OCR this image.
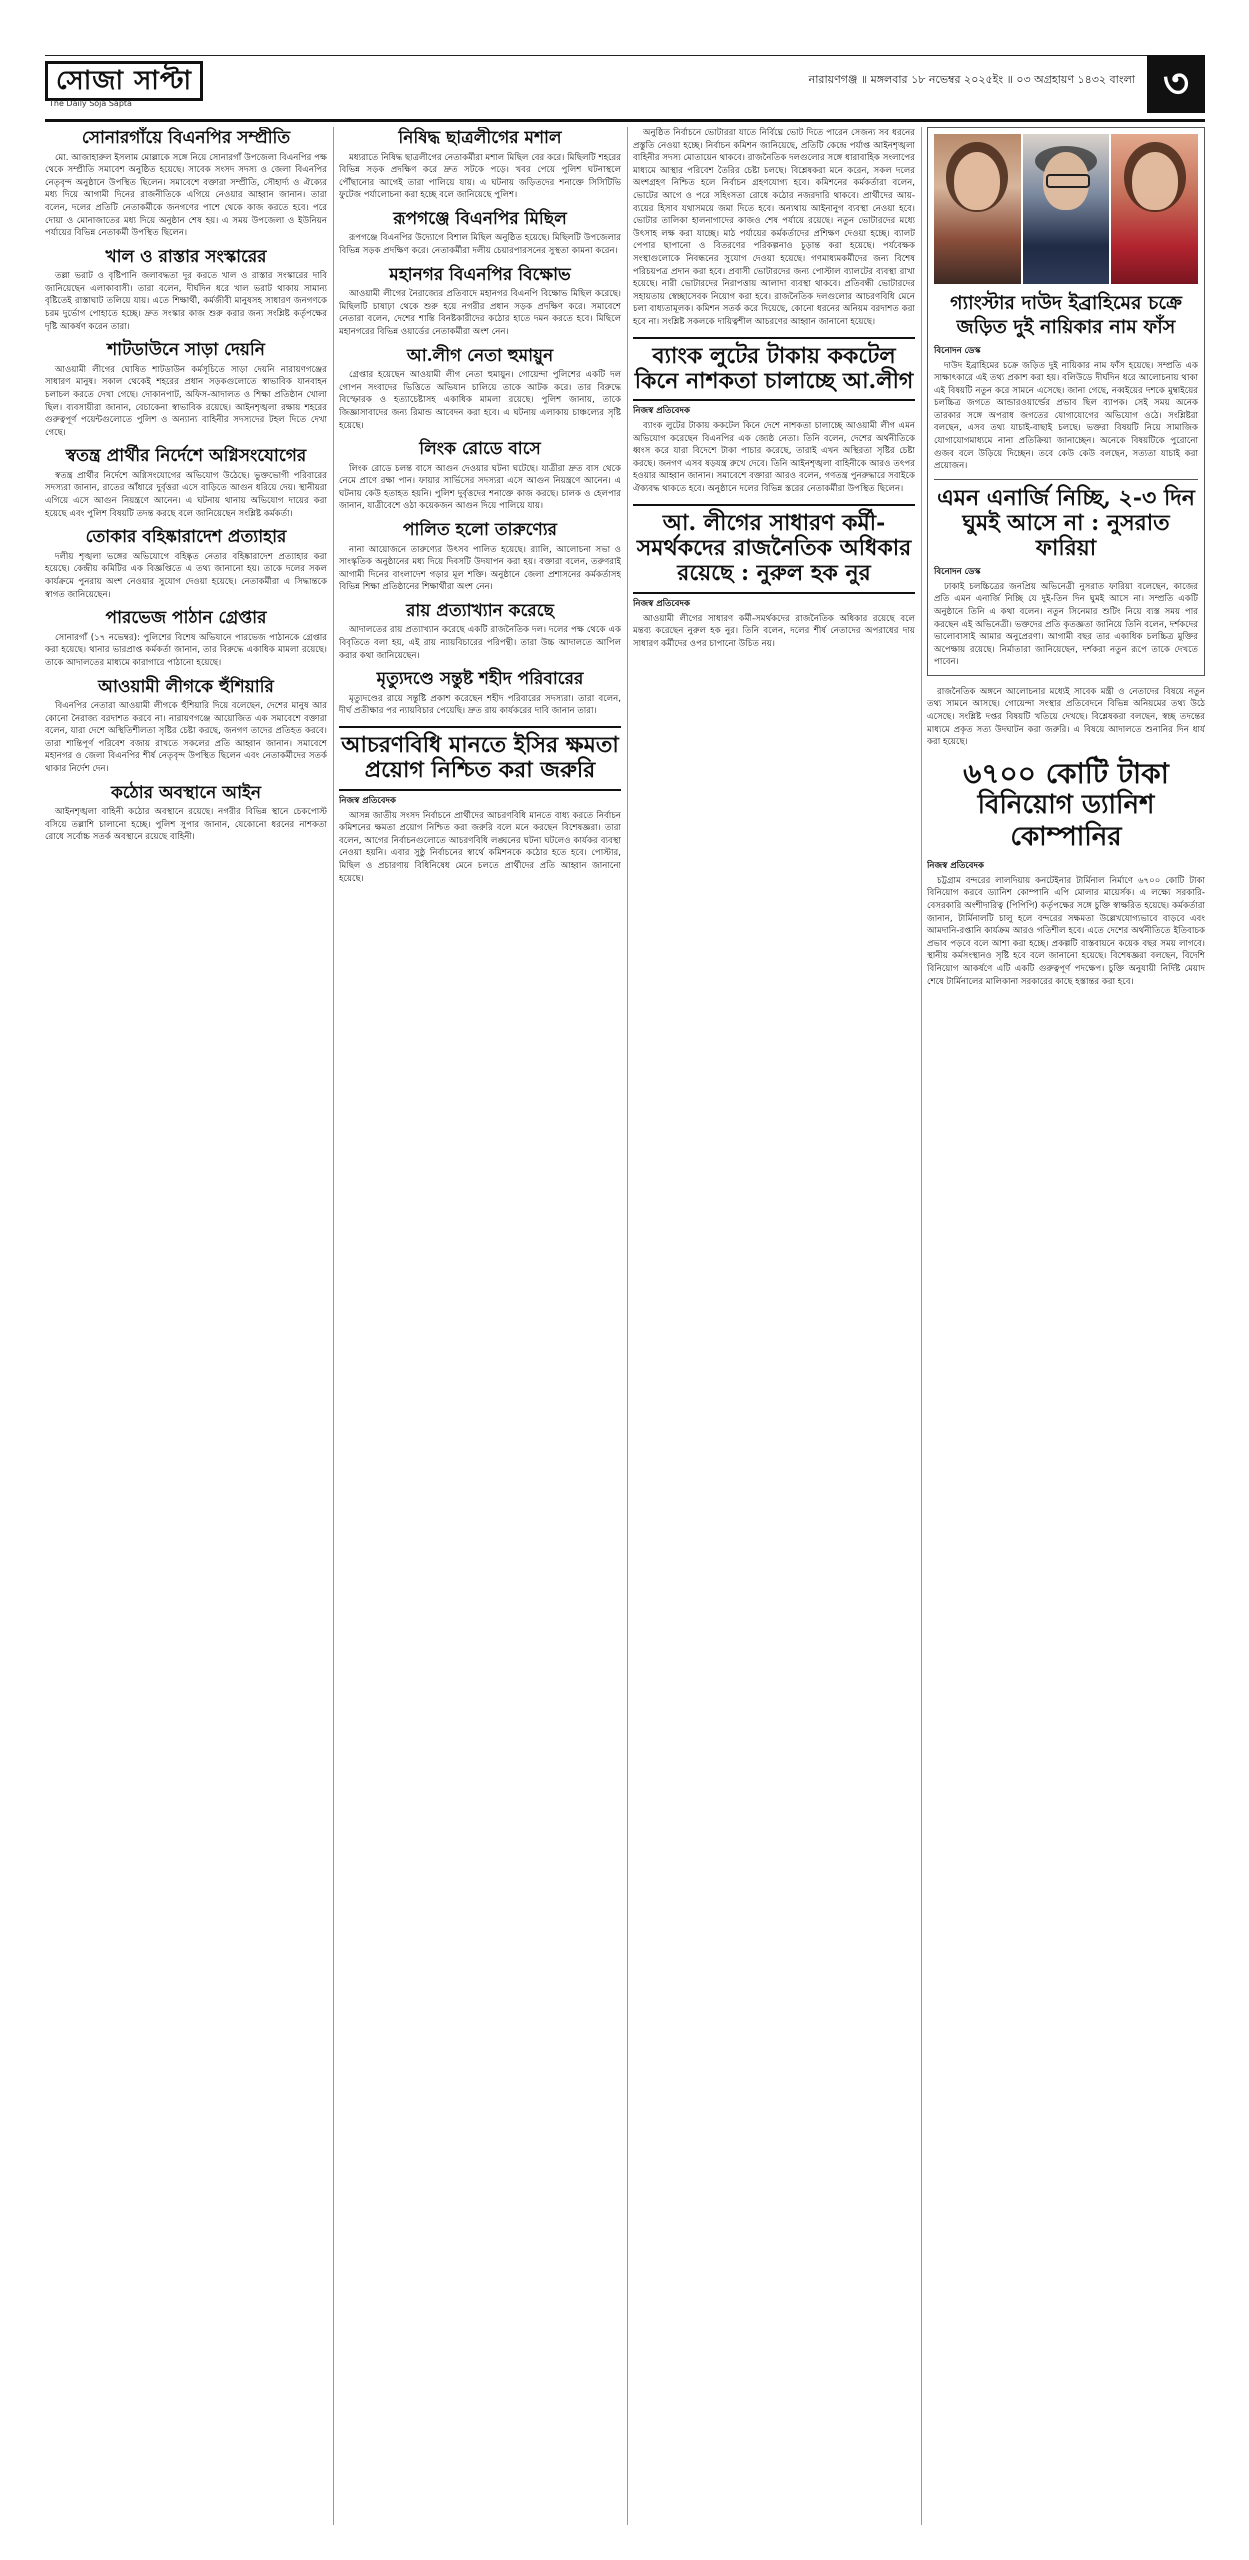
সোজা সাপ্টা
The Daily Soja Sapta
নারায়ণগঞ্জ ॥ মঙ্গলবার ১৮ নভেম্বর ২০২৫ইং ॥ ০৩ অগ্রহায়ণ ১৪৩২ বাংলা ৩
সোনারগাঁয়ে বিএনপির সম্প্রীতি

মো. আজাহারুল ইসলাম মোল্লাকে সঙ্গে নিয়ে সোনারগাঁ উপজেলা বিএনপির পক্ষ থেকে সম্প্রীতি সমাবেশ অনুষ্ঠিত হয়েছে। সাবেক সংসদ সদস্য ও জেলা বিএনপির নেতৃবৃন্দ অনুষ্ঠানে উপস্থিত ছিলেন। সমাবেশে বক্তারা সম্প্রীতি, সৌহার্দ্য ও ঐক্যের মধ্য দিয়ে আগামী দিনের রাজনীতিকে এগিয়ে নেওয়ার আহ্বান জানান। তারা বলেন, দলের প্রতিটি নেতাকর্মীকে জনগণের পাশে থেকে কাজ করতে হবে। পরে দোয়া ও মোনাজাতের মধ্য দিয়ে অনুষ্ঠান শেষ হয়। এ সময় উপজেলা ও ইউনিয়ন পর্যায়ের বিভিন্ন নেতাকর্মী উপস্থিত ছিলেন।

খাল ও রাস্তার সংস্কারের

তল্লা ভরাট ও বৃষ্টিপানি জলাবদ্ধতা দূর করতে খাল ও রাস্তার সংস্কারের দাবি জানিয়েছেন এলাকাবাসী। তারা বলেন, দীর্ঘদিন ধরে খাল ভরাট থাকায় সামান্য বৃষ্টিতেই রাস্তাঘাট তলিয়ে যায়। এতে শিক্ষার্থী, কর্মজীবী মানুষসহ সাধারণ জনগণকে চরম দুর্ভোগ পোহাতে হচ্ছে। দ্রুত সংস্কার কাজ শুরু করার জন্য সংশ্লিষ্ট কর্তৃপক্ষের দৃষ্টি আকর্ষণ করেন তারা।

শাটডাউনে সাড়া দেয়নি

আওয়ামী লীগের ঘোষিত শাটডাউন কর্মসূচিতে সাড়া দেয়নি নারায়ণগঞ্জের সাধারণ মানুষ। সকাল থেকেই শহরের প্রধান সড়কগুলোতে স্বাভাবিক যানবাহন চলাচল করতে দেখা গেছে। দোকানপাট, অফিস-আদালত ও শিক্ষা প্রতিষ্ঠান খোলা ছিল। ব্যবসায়ীরা জানান, বেচাকেনা স্বাভাবিক রয়েছে। আইনশৃঙ্খলা রক্ষায় শহরের গুরুত্বপূর্ণ পয়েন্টগুলোতে পুলিশ ও অন্যান্য বাহিনীর সদস্যদের টহল দিতে দেখা গেছে।

স্বতন্ত্র প্রার্থীর নির্দেশে অগ্নিসংযোগের

স্বতন্ত্র প্রার্থীর নির্দেশে অগ্নিসংযোগের অভিযোগ উঠেছে। ভুক্তভোগী পরিবারের সদস্যরা জানান, রাতের আঁধারে দুর্বৃত্তরা এসে বাড়িতে আগুন ধরিয়ে দেয়। স্থানীয়রা এগিয়ে এসে আগুন নিয়ন্ত্রণে আনেন। এ ঘটনায় থানায় অভিযোগ দায়ের করা হয়েছে এবং পুলিশ বিষয়টি তদন্ত করছে বলে জানিয়েছেন সংশ্লিষ্ট কর্মকর্তা।

তোকার বহিষ্কারাদেশ প্রত্যাহার

দলীয় শৃঙ্খলা ভঙ্গের অভিযোগে বহিষ্কৃত নেতার বহিষ্কারাদেশ প্রত্যাহার করা হয়েছে। কেন্দ্রীয় কমিটির এক বিজ্ঞপ্তিতে এ তথ্য জানানো হয়। তাকে দলের সকল কার্যক্রমে পুনরায় অংশ নেওয়ার সুযোগ দেওয়া হয়েছে। নেতাকর্মীরা এ সিদ্ধান্তকে স্বাগত জানিয়েছেন।

পারভেজ পাঠান গ্রেপ্তার

সোনারগাঁ (১৭ নভেম্বর): পুলিশের বিশেষ অভিযানে পারভেজ পাঠানকে গ্রেপ্তার করা হয়েছে। থানার ভারপ্রাপ্ত কর্মকর্তা জানান, তার বিরুদ্ধে একাধিক মামলা রয়েছে। তাকে আদালতের মাধ্যমে কারাগারে পাঠানো হয়েছে।

আওয়ামী লীগকে হুঁশিয়ারি

বিএনপির নেতারা আওয়ামী লীগকে হুঁশিয়ারি দিয়ে বলেছেন, দেশের মানুষ আর কোনো নৈরাজ্য বরদাশত করবে না। নারায়ণগঞ্জে আয়োজিত এক সমাবেশে বক্তারা বলেন, যারা দেশে অস্থিতিশীলতা সৃষ্টির চেষ্টা করছে, জনগণ তাদের প্রতিহত করবে। তারা শান্তিপূর্ণ পরিবেশ বজায় রাখতে সকলের প্রতি আহ্বান জানান। সমাবেশে মহানগর ও জেলা বিএনপির শীর্ষ নেতৃবৃন্দ উপস্থিত ছিলেন এবং নেতাকর্মীদের সতর্ক থাকার নির্দেশ দেন।

কঠোর অবস্থানে আইন

আইনশৃঙ্খলা বাহিনী কঠোর অবস্থানে রয়েছে। নগরীর বিভিন্ন স্থানে চেকপোস্ট বসিয়ে তল্লাশি চালানো হচ্ছে। পুলিশ সুপার জানান, যেকোনো ধরনের নাশকতা রোধে সর্বোচ্চ সতর্ক অবস্থানে রয়েছে বাহিনী।

নিষিদ্ধ ছাত্রলীগের মশাল

মধ্যরাতে নিষিদ্ধ ছাত্রলীগের নেতাকর্মীরা মশাল মিছিল বের করে। মিছিলটি শহরের বিভিন্ন সড়ক প্রদক্ষিণ করে দ্রুত সটকে পড়ে। খবর পেয়ে পুলিশ ঘটনাস্থলে পৌঁছানোর আগেই তারা পালিয়ে যায়। এ ঘটনায় জড়িতদের শনাক্তে সিসিটিভি ফুটেজ পর্যালোচনা করা হচ্ছে বলে জানিয়েছে পুলিশ।

রূপগঞ্জে বিএনপির মিছিল

রূপগঞ্জে বিএনপির উদ্যোগে বিশাল মিছিল অনুষ্ঠিত হয়েছে। মিছিলটি উপজেলার বিভিন্ন সড়ক প্রদক্ষিণ করে। নেতাকর্মীরা দলীয় চেয়ারপারসনের সুস্থতা কামনা করেন।

মহানগর বিএনপির বিক্ষোভ

আওয়ামী লীগের নৈরাজ্যের প্রতিবাদে মহানগর বিএনপি বিক্ষোভ মিছিল করেছে। মিছিলটি চাষাঢ়া থেকে শুরু হয়ে নগরীর প্রধান সড়ক প্রদক্ষিণ করে। সমাবেশে নেতারা বলেন, দেশের শান্তি বিনষ্টকারীদের কঠোর হাতে দমন করতে হবে। মিছিলে মহানগরের বিভিন্ন ওয়ার্ডের নেতাকর্মীরা অংশ নেন।

আ.লীগ নেতা হুমায়ুন

গ্রেপ্তার হয়েছেন আওয়ামী লীগ নেতা হুমায়ুন। গোয়েন্দা পুলিশের একটি দল গোপন সংবাদের ভিত্তিতে অভিযান চালিয়ে তাকে আটক করে। তার বিরুদ্ধে বিস্ফোরক ও হত্যাচেষ্টাসহ একাধিক মামলা রয়েছে। পুলিশ জানায়, তাকে জিজ্ঞাসাবাদের জন্য রিমান্ড আবেদন করা হবে। এ ঘটনায় এলাকায় চাঞ্চল্যের সৃষ্টি হয়েছে।

লিংক রোডে বাসে

লিংক রোডে চলন্ত বাসে আগুন দেওয়ার ঘটনা ঘটেছে। যাত্রীরা দ্রুত বাস থেকে নেমে প্রাণে রক্ষা পান। ফায়ার সার্ভিসের সদস্যরা এসে আগুন নিয়ন্ত্রণে আনেন। এ ঘটনায় কেউ হতাহত হয়নি। পুলিশ দুর্বৃত্তদের শনাক্তে কাজ করছে। চালক ও হেলপার জানান, যাত্রীবেশে ওঠা কয়েকজন আগুন দিয়ে পালিয়ে যায়।

পালিত হলো তারুণ্যের

নানা আয়োজনে তারুণ্যের উৎসব পালিত হয়েছে। র‍্যালি, আলোচনা সভা ও সাংস্কৃতিক অনুষ্ঠানের মধ্য দিয়ে দিবসটি উদযাপন করা হয়। বক্তারা বলেন, তরুণরাই আগামী দিনের বাংলাদেশ গড়ার মূল শক্তি। অনুষ্ঠানে জেলা প্রশাসনের কর্মকর্তাসহ বিভিন্ন শিক্ষা প্রতিষ্ঠানের শিক্ষার্থীরা অংশ নেন।

রায় প্রত্যাখ্যান করেছে

আদালতের রায় প্রত্যাখ্যান করেছে একটি রাজনৈতিক দল। দলের পক্ষ থেকে এক বিবৃতিতে বলা হয়, এই রায় ন্যায়বিচারের পরিপন্থী। তারা উচ্চ আদালতে আপিল করার কথা জানিয়েছেন।

মৃত্যুদণ্ডে সন্তুষ্ট শহীদ পরিবারের

মৃত্যুদণ্ডের রায়ে সন্তুষ্টি প্রকাশ করেছেন শহীদ পরিবারের সদস্যরা। তারা বলেন, দীর্ঘ প্রতীক্ষার পর ন্যায়বিচার পেয়েছি। দ্রুত রায় কার্যকরের দাবি জানান তারা।

আচরণবিধি মানতে ইসির ক্ষমতা প্রয়োগ নিশ্চিত করা জরুরি
নিজস্ব প্রতিবেদক

আসন্ন জাতীয় সংসদ নির্বাচনে প্রার্থীদের আচরণবিধি মানতে বাধ্য করতে নির্বাচন কমিশনের ক্ষমতা প্রয়োগ নিশ্চিত করা জরুরি বলে মনে করছেন বিশেষজ্ঞরা। তারা বলেন, আগের নির্বাচনগুলোতে আচরণবিধি লঙ্ঘনের ঘটনা ঘটলেও কার্যকর ব্যবস্থা নেওয়া হয়নি। এবার সুষ্ঠু নির্বাচনের স্বার্থে কমিশনকে কঠোর হতে হবে। পোস্টার, মিছিল ও প্রচারণায় বিধিনিষেধ মেনে চলতে প্রার্থীদের প্রতি আহ্বান জানানো হয়েছে।

অনুষ্ঠিত নির্বাচনে ভোটাররা যাতে নির্বিঘ্নে ভোট দিতে পারেন সেজন্য সব ধরনের প্রস্তুতি নেওয়া হচ্ছে। নির্বাচন কমিশন জানিয়েছে, প্রতিটি কেন্দ্রে পর্যাপ্ত আইনশৃঙ্খলা বাহিনীর সদস্য মোতায়েন থাকবে। রাজনৈতিক দলগুলোর সঙ্গে ধারাবাহিক সংলাপের মাধ্যমে আস্থার পরিবেশ তৈরির চেষ্টা চলছে। বিশ্লেষকরা মনে করেন, সকল দলের অংশগ্রহণ নিশ্চিত হলে নির্বাচন গ্রহণযোগ্য হবে। কমিশনের কর্মকর্তারা বলেন, ভোটের আগে ও পরে সহিংসতা রোধে কঠোর নজরদারি থাকবে। প্রার্থীদের আয়-ব্যয়ের হিসাব যথাসময়ে জমা দিতে হবে। অন্যথায় আইনানুগ ব্যবস্থা নেওয়া হবে। ভোটার তালিকা হালনাগাদের কাজও শেষ পর্যায়ে রয়েছে। নতুন ভোটারদের মধ্যে উৎসাহ লক্ষ করা যাচ্ছে। মাঠ পর্যায়ের কর্মকর্তাদের প্রশিক্ষণ দেওয়া হচ্ছে। ব্যালট পেপার ছাপানো ও বিতরণের পরিকল্পনাও চূড়ান্ত করা হয়েছে। পর্যবেক্ষক সংস্থাগুলোকে নিবন্ধনের সুযোগ দেওয়া হয়েছে। গণমাধ্যমকর্মীদের জন্য বিশেষ পরিচয়পত্র প্রদান করা হবে। প্রবাসী ভোটারদের জন্য পোস্টাল ব্যালটের ব্যবস্থা রাখা হয়েছে। নারী ভোটারদের নিরাপত্তায় আলাদা ব্যবস্থা থাকবে। প্রতিবন্ধী ভোটারদের সহায়তায় স্বেচ্ছাসেবক নিয়োগ করা হবে। রাজনৈতিক দলগুলোর আচরণবিধি মেনে চলা বাধ্যতামূলক। কমিশন সতর্ক করে দিয়েছে, কোনো ধরনের অনিয়ম বরদাশত করা হবে না। সংশ্লিষ্ট সকলকে দায়িত্বশীল আচরণের আহ্বান জানানো হয়েছে।

ব্যাংক লুটের টাকায় ককটেল কিনে নাশকতা চালাচ্ছে আ.লীগ
নিজস্ব প্রতিবেদক

ব্যাংক লুটের টাকায় ককটেল কিনে দেশে নাশকতা চালাচ্ছে আওয়ামী লীগ এমন অভিযোগ করেছেন বিএনপির এক জ্যেষ্ঠ নেতা। তিনি বলেন, দেশের অর্থনীতিকে ধ্বংস করে যারা বিদেশে টাকা পাচার করেছে, তারাই এখন অস্থিরতা সৃষ্টির চেষ্টা করছে। জনগণ এসব ষড়যন্ত্র রুখে দেবে। তিনি আইনশৃঙ্খলা বাহিনীকে আরও তৎপর হওয়ার আহ্বান জানান। সমাবেশে বক্তারা আরও বলেন, গণতন্ত্র পুনরুদ্ধারে সবাইকে ঐক্যবদ্ধ থাকতে হবে। অনুষ্ঠানে দলের বিভিন্ন স্তরের নেতাকর্মীরা উপস্থিত ছিলেন।

আ. লীগের সাধারণ কর্মী-সমর্থকদের রাজনৈতিক অধিকার রয়েছে : নুরুল হক নুর
নিজস্ব প্রতিবেদক

আওয়ামী লীগের সাধারণ কর্মী-সমর্থকদের রাজনৈতিক অধিকার রয়েছে বলে মন্তব্য করেছেন নুরুল হক নুর। তিনি বলেন, দলের শীর্ষ নেতাদের অপরাধের দায় সাধারণ কর্মীদের ওপর চাপানো উচিত নয়।

গ্যাংস্টার দাউদ ইব্রাহিমের চক্রে জড়িত দুই নায়িকার নাম ফাঁস
বিনোদন ডেস্ক

দাউদ ইব্রাহিমের চক্রে জড়িত দুই নায়িকার নাম ফাঁস হয়েছে। সম্প্রতি এক সাক্ষাৎকারে এই তথ্য প্রকাশ করা হয়। বলিউডে দীর্ঘদিন ধরে আলোচনায় থাকা এই বিষয়টি নতুন করে সামনে এসেছে। জানা গেছে, নব্বইয়ের দশকে মুম্বাইয়ের চলচ্চিত্র জগতে আন্ডারওয়ার্ল্ডের প্রভাব ছিল ব্যাপক। সেই সময় অনেক তারকার সঙ্গে অপরাধ জগতের যোগাযোগের অভিযোগ ওঠে। সংশ্লিষ্টরা বলছেন, এসব তথ্য যাচাই-বাছাই চলছে। ভক্তরা বিষয়টি নিয়ে সামাজিক যোগাযোগমাধ্যমে নানা প্রতিক্রিয়া জানাচ্ছেন। অনেকে বিষয়টিকে পুরোনো গুজব বলে উড়িয়ে দিচ্ছেন। তবে কেউ কেউ বলছেন, সত্যতা যাচাই করা প্রয়োজন।

এমন এনার্জি নিচ্ছি, ২-৩ দিন ঘুমই আসে না : নুসরাত ফারিয়া
বিনোদন ডেস্ক

ঢাকাই চলচ্চিত্রের জনপ্রিয় অভিনেত্রী নুসরাত ফারিয়া বলেছেন, কাজের প্রতি এমন এনার্জি নিচ্ছি যে দুই-তিন দিন ঘুমই আসে না। সম্প্রতি একটি অনুষ্ঠানে তিনি এ কথা বলেন। নতুন সিনেমার শুটিং নিয়ে ব্যস্ত সময় পার করছেন এই অভিনেত্রী। ভক্তদের প্রতি কৃতজ্ঞতা জানিয়ে তিনি বলেন, দর্শকদের ভালোবাসাই আমার অনুপ্রেরণা। আগামী বছর তার একাধিক চলচ্চিত্র মুক্তির অপেক্ষায় রয়েছে। নির্মাতারা জানিয়েছেন, দর্শকরা নতুন রূপে তাকে দেখতে পাবেন।

রাজনৈতিক অঙ্গনে আলোচনার মধ্যেই সাবেক মন্ত্রী ও নেতাদের বিষয়ে নতুন তথ্য সামনে আসছে। গোয়েন্দা সংস্থার প্রতিবেদনে বিভিন্ন অনিয়মের তথ্য উঠে এসেছে। সংশ্লিষ্ট দপ্তর বিষয়টি খতিয়ে দেখছে। বিশ্লেষকরা বলছেন, স্বচ্ছ তদন্তের মাধ্যমে প্রকৃত সত্য উদঘাটন করা জরুরি। এ বিষয়ে আদালতে শুনানির দিন ধার্য করা হয়েছে।

৬৭০০ কোটি টাকা
বিনিয়োগ ড্যানিশ কোম্পানির
নিজস্ব প্রতিবেদক

চট্টগ্রাম বন্দরের লালদিয়ায় কনটেইনার টার্মিনাল নির্মাণে ৬৭০০ কোটি টাকা বিনিয়োগ করবে ড্যানিশ কোম্পানি এপি মোলার মায়ের্সক। এ লক্ষ্যে সরকারি-বেসরকারি অংশীদারিত্ব (পিপিপি) কর্তৃপক্ষের সঙ্গে চুক্তি স্বাক্ষরিত হয়েছে। কর্মকর্তারা জানান, টার্মিনালটি চালু হলে বন্দরের সক্ষমতা উল্লেখযোগ্যভাবে বাড়বে এবং আমদানি-রপ্তানি কার্যক্রম আরও গতিশীল হবে। এতে দেশের অর্থনীতিতে ইতিবাচক প্রভাব পড়বে বলে আশা করা হচ্ছে। প্রকল্পটি বাস্তবায়নে কয়েক বছর সময় লাগবে। স্থানীয় কর্মসংস্থানও সৃষ্টি হবে বলে জানানো হয়েছে। বিশেষজ্ঞরা বলছেন, বিদেশি বিনিয়োগ আকর্ষণে এটি একটি গুরুত্বপূর্ণ পদক্ষেপ। চুক্তি অনুযায়ী নির্দিষ্ট মেয়াদ শেষে টার্মিনালের মালিকানা সরকারের কাছে হস্তান্তর করা হবে।
